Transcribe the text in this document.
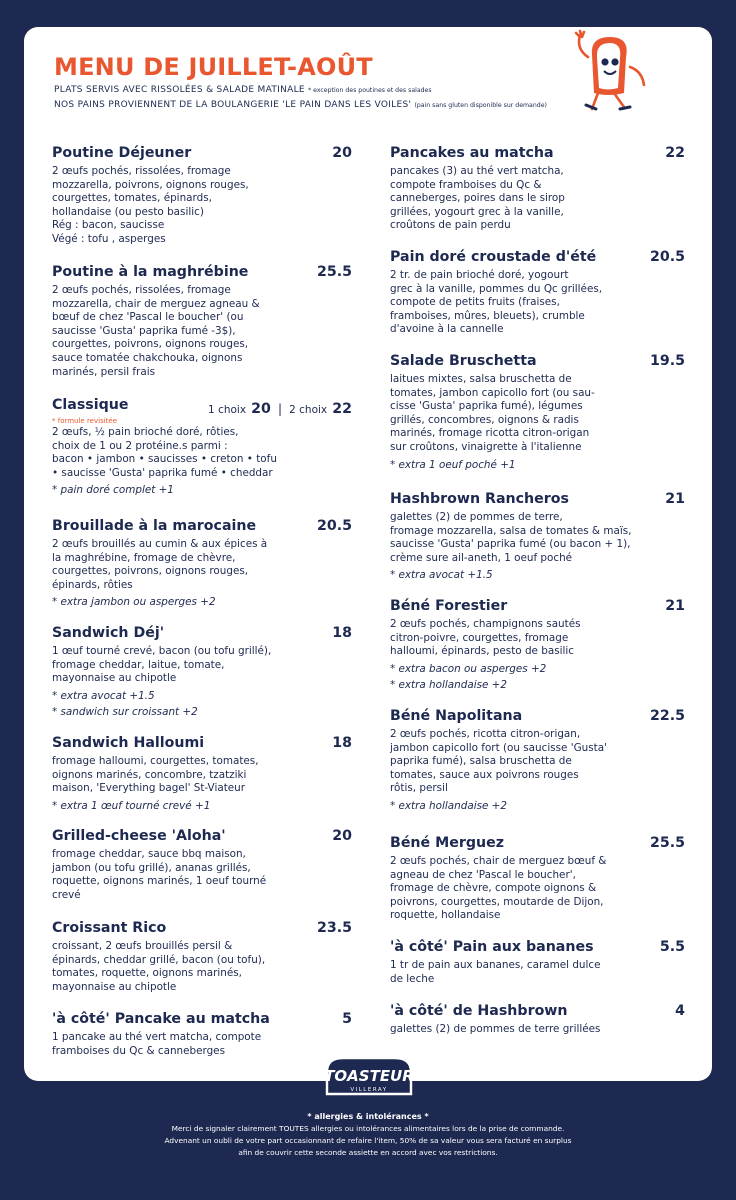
MENU DE JUILLET-AOÛT
PLATS SERVIS AVEC RISSOLÉES & SALADE MATINALE * exception des poutines et des salades
NOS PAINS PROVIENNENT DE LA BOULANGERIE 'LE PAIN DANS LES VOILES' (pain sans gluten disponible sur demande)
Poutine Déjeuner	20
2 œufs pochés, rissolées, fromage
mozzarella, poivrons, oignons rouges,
courgettes, tomates, épinards,
hollandaise (ou pesto basilic)
Rég : bacon, saucisse
Végé : tofu , asperges
Poutine à la maghrébine	25.5
2 œufs pochés, rissolées, fromage
mozzarella, chair de merguez agneau &
bœuf de chez 'Pascal le boucher' (ou
saucisse 'Gusta' paprika fumé -3$),
courgettes, poivrons, oignons rouges,
sauce tomatée chakchouka, oignons
marinés, persil frais
Classique	1 choix 20 | 2 choix 22
* formule revisitée
2 œufs, ½ pain brioché doré, rôties,
choix de 1 ou 2 protéine.s parmi :
bacon • jambon • saucisses • creton • tofu
• saucisse 'Gusta' paprika fumé • cheddar
* pain doré complet +1
Brouillade à la marocaine	20.5
2 œufs brouillés au cumin & aux épices à
la maghrébine, fromage de chèvre,
courgettes, poivrons, oignons rouges,
épinards, rôties
* extra jambon ou asperges +2
Sandwich Déj'	18
1 œuf tourné crevé, bacon (ou tofu grillé),
fromage cheddar, laitue, tomate,
mayonnaise au chipotle
* extra avocat +1.5
* sandwich sur croissant +2
Sandwich Halloumi	18
fromage halloumi, courgettes, tomates,
oignons marinés, concombre, tzatziki
maison, 'Everything bagel' St-Viateur
* extra 1 œuf tourné crevé +1
Grilled-cheese 'Aloha'	20
fromage cheddar, sauce bbq maison,
jambon (ou tofu grillé), ananas grillés,
roquette, oignons marinés, 1 oeuf tourné
crevé
Croissant Rico	23.5
croissant, 2 œufs brouillés persil &
épinards, cheddar grillé, bacon (ou tofu),
tomates, roquette, oignons marinés,
mayonnaise au chipotle
'à côté' Pancake au matcha	5
1 pancake au thé vert matcha, compote
framboises du Qc & canneberges
Pancakes au matcha	22
pancakes (3) au thé vert matcha,
compote framboises du Qc &
canneberges, poires dans le sirop
grillées, yogourt grec à la vanille,
croûtons de pain perdu
Pain doré croustade d'été	20.5
2 tr. de pain brioché doré, yogourt
grec à la vanille, pommes du Qc grillées,
compote de petits fruits (fraises,
framboises, mûres, bleuets), crumble
d'avoine à la cannelle
Salade Bruschetta	19.5
laitues mixtes, salsa bruschetta de
tomates, jambon capicollo fort (ou sau-
cisse 'Gusta' paprika fumé), légumes
grillés, concombres, oignons & radis
marinés, fromage ricotta citron-origan
sur croûtons, vinaigrette à l'italienne
* extra 1 oeuf poché +1
Hashbrown Rancheros	21
galettes (2) de pommes de terre,
fromage mozzarella, salsa de tomates & maïs,
saucisse 'Gusta' paprika fumé (ou bacon + 1),
crème sure ail-aneth, 1 oeuf poché
* extra avocat +1.5
Béné Forestier	21
2 œufs pochés, champignons sautés
citron-poivre, courgettes, fromage
halloumi, épinards, pesto de basilic
* extra bacon ou asperges +2
* extra hollandaise +2
Béné Napolitana	22.5
2 œufs pochés, ricotta citron-origan,
jambon capicollo fort (ou saucisse 'Gusta'
paprika fumé), salsa bruschetta de
tomates, sauce aux poivrons rouges
rôtis, persil
* extra hollandaise +2
Béné Merguez	25.5
2 œufs pochés, chair de merguez bœuf &
agneau de chez 'Pascal le boucher',
fromage de chèvre, compote oignons &
poivrons, courgettes, moutarde de Dijon,
roquette, hollandaise
'à côté' Pain aux bananes	5.5
1 tr de pain aux bananes, caramel dulce
de leche
'à côté' de Hashbrown	4
galettes (2) de pommes de terre grillées
TOASTEUR
VILLERAY
* allergies & intolérances *
Merci de signaler clairement TOUTES allergies ou intolérances alimentaires lors de la prise de commande.
Advenant un oubli de votre part occasionnant de refaire l'item, 50% de sa valeur vous sera facturé en surplus
afin de couvrir cette seconde assiette en accord avec vos restrictions.
